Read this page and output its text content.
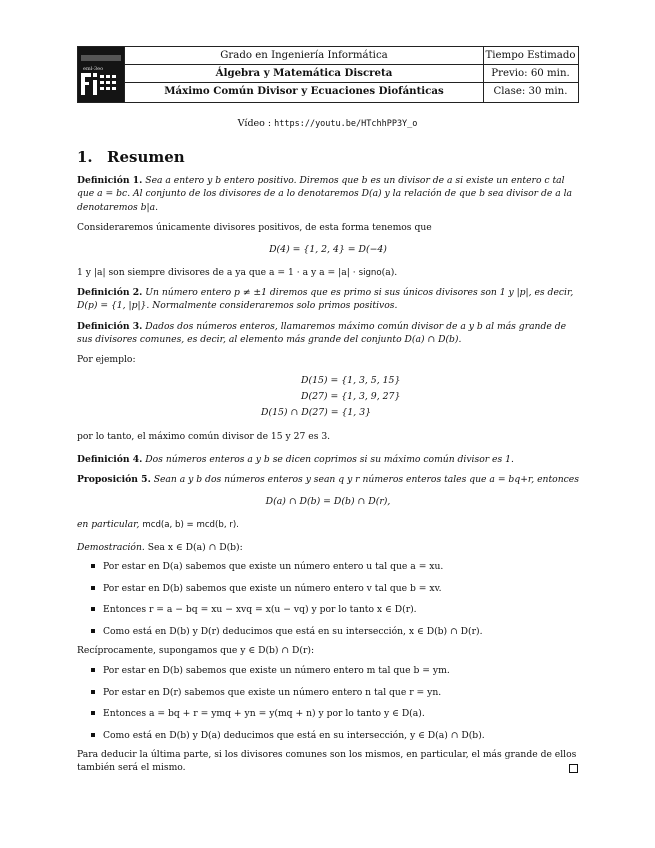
eml-3eo
Grado en Ingeniería Informática
Álgebra y Matemática Discreta
Máximo Común Divisor y Ecuaciones Diofánticas
Tiempo Estimado
Previo: 60 min.
Clase: 30 min.
Vídeo : https://youtu.be/HTchhPP3Y_o
1. Resumen
Definición 1. Sea a entero y b entero positivo. Diremos que b es un divisor de a si existe un entero c tal
que a = bc. Al conjunto de los divisores de a lo denotaremos D(a) y la relación de que b sea divisor de a la
denotaremos b|a.
Consideraremos únicamente divisores positivos, de esta forma tenemos que
D(4) = {1, 2, 4} = D(−4)
1 y |a| son siempre divisores de a ya que a = 1 · a y a = |a| · signo(a).
Definición 2. Un número entero p ≠ ±1 diremos que es primo si sus únicos divisores son 1 y |p|, es decir,
D(p) = {1, |p|}. Normalmente consideraremos solo primos positivos.
Definición 3. Dados dos números enteros, llamaremos máximo común divisor de a y b al más grande de
sus divisores comunes, es decir, al elemento más grande del conjunto D(a) ∩ D(b).
Por ejemplo:
D(15) = {1, 3, 5, 15}
D(27) = {1, 3, 9, 27}
D(15) ∩ D(27) = {1, 3}
por lo tanto, el máximo común divisor de 15 y 27 es 3.
Definición 4. Dos números enteros a y b se dicen coprimos si su máximo común divisor es 1.
Proposición 5. Sean a y b dos números enteros y sean q y r números enteros tales que a = bq+r, entonces
D(a) ∩ D(b) = D(b) ∩ D(r),
en particular, mcd(a, b) = mcd(b, r).
Demostración. Sea x ∈ D(a) ∩ D(b):
Por estar en D(a) sabemos que existe un número entero u tal que a = xu.
Por estar en D(b) sabemos que existe un número entero v tal que b = xv.
Entonces r = a − bq = xu − xvq = x(u − vq) y por lo tanto x ∈ D(r).
Como está en D(b) y D(r) deducimos que está en su intersección, x ∈ D(b) ∩ D(r).
Recíprocamente, supongamos que y ∈ D(b) ∩ D(r):
Por estar en D(b) sabemos que existe un número entero m tal que b = ym.
Por estar en D(r) sabemos que existe un número entero n tal que r = yn.
Entonces a = bq + r = ymq + yn = y(mq + n) y por lo tanto y ∈ D(a).
Como está en D(b) y D(a) deducimos que está en su intersección, y ∈ D(a) ∩ D(b).
Para deducir la última parte, si los divisores comunes son los mismos, en particular, el más grande de ellos
también será el mismo.
